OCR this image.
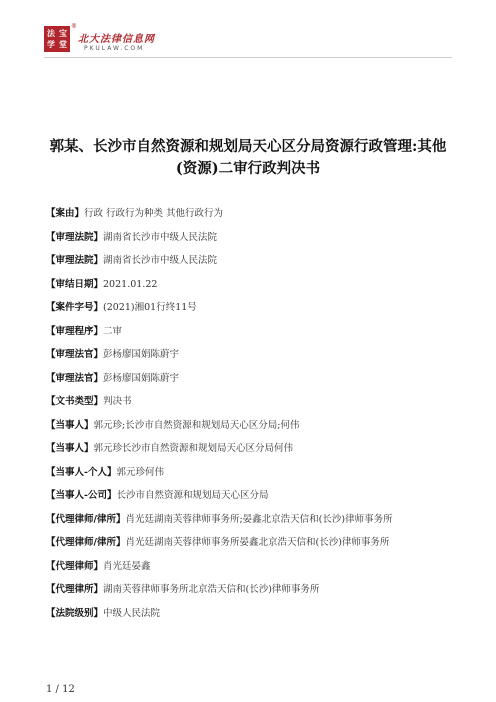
法 宝
学 堂
®
北大法律信息网
PKULAW.COM
郭某、长沙市自然资源和规划局天心区分局资源行政管理:其他(资源)二审行政判决书
【案由】行政 行政行为种类 其他行政行为
【审理法院】湖南省长沙市中级人民法院
【审理法院】湖南省长沙市中级人民法院
【审结日期】2021.01.22
【案件字号】(2021)湘01行终11号
【审理程序】二审
【审理法官】彭杨廖国娟陈蔚宇
【审理法官】彭杨廖国娟陈蔚宇
【文书类型】判决书
【当事人】郭元珍;长沙市自然资源和规划局天心区分局;何伟
【当事人】郭元珍长沙市自然资源和规划局天心区分局何伟
【当事人-个人】郭元珍何伟
【当事人-公司】长沙市自然资源和规划局天心区分局
【代理律师/律所】肖光廷湖南芙蓉律师事务所;晏鑫北京浩天信和(长沙)律师事务所
【代理律师/律所】肖光廷湖南芙蓉律师事务所晏鑫北京浩天信和(长沙)律师事务所
【代理律师】肖光廷晏鑫
【代理律所】湖南芙蓉律师事务所北京浩天信和(长沙)律师事务所
【法院级别】中级人民法院
1 / 12
